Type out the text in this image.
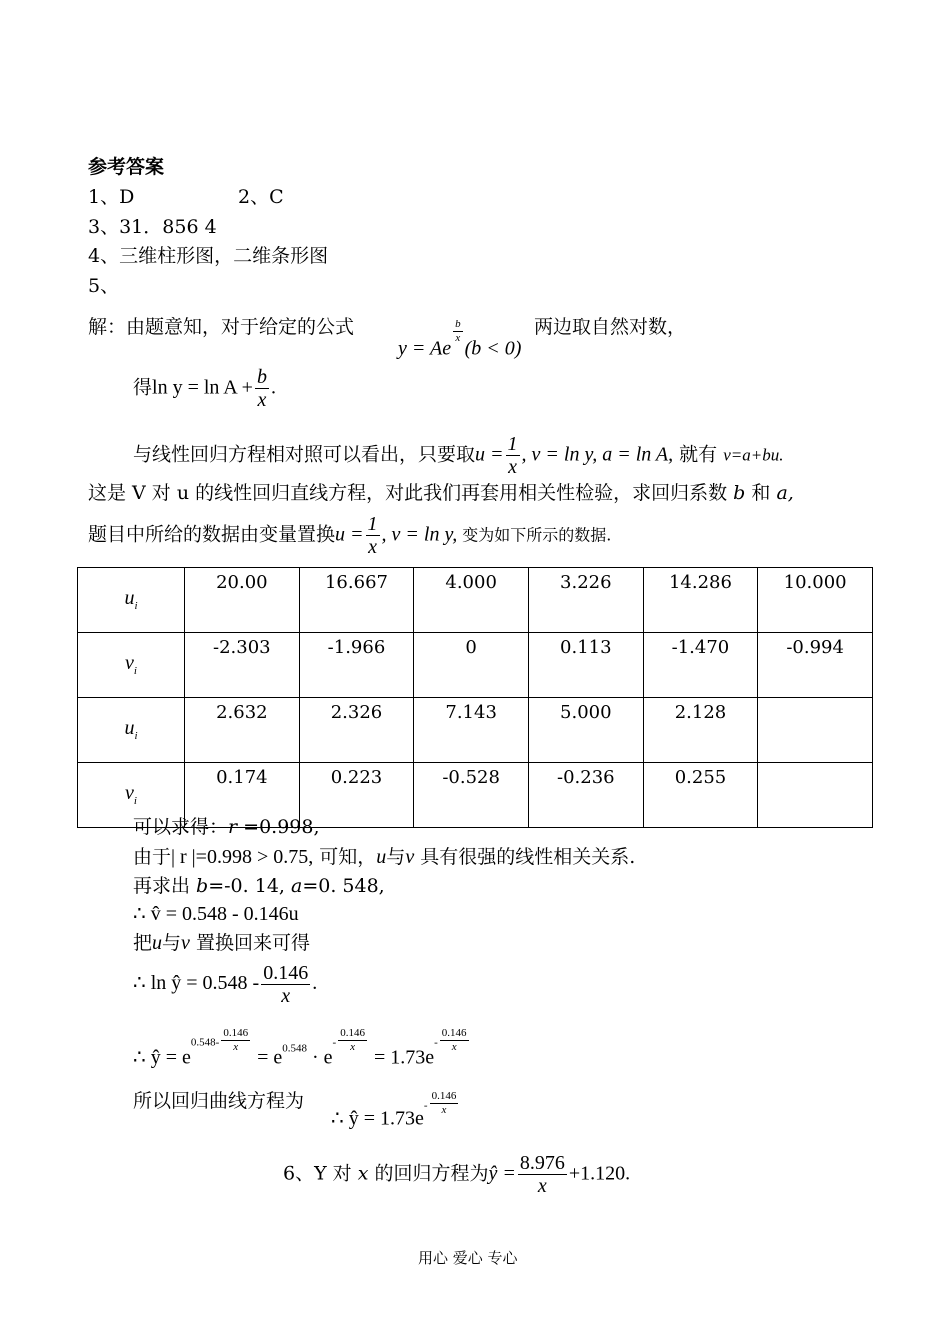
参考答案
1、D	2、C
3、31．856 4
4、三维柱形图，二维条形图
5、
解：由题意知，对于给定的公式
y = Ae
$\frac{b}{x}$
(b < 0)
两边取自然对数，
得$\ln y = \ln A + \frac{b}{x}$ .
与线性回归方程相对照可以看出，只要取$u = \frac{1}{x}$ , v = ln y, a = ln A, 就有 v=a+bu.
这是 V 对 u 的线性回归直线方程，对此我们再套用相关性检验，求回归系数 b 和 a,
题目中所给的数据由变量置换$u = \frac{1}{x}$ , v = ln y, 变为如下所示的数据.
$u_i$	20.00	16.667	4.000	3.226	14.286	10.000
$v_i$	-2.303	-1.966	0	0.113	-1.470	-0.994
$u_i$	2.632	2.326	7.143	5.000	2.128	
$v_i$	0.174	0.223	-0.528	-0.236	0.255	
可以求得：r =0.998,
由于| r |=0.998 > 0.75, 可知，u与v 具有很强的线性相关关系.
再求出 b=-0. 14, a=0. 548,
∴ v̂ = 0.548 - 0.146u
把u与v 置换回来可得
∴ ln ŷ = $0.548 - \frac{0.146}{x}$ .
∴ ŷ = $e0.548- \frac{0.146}{x}$
= $e^{0.548} \cdot e- \frac{0.146}{x}$
= $1.73e- \frac{0.146}{x}$
所以回归曲线方程为
∴ ŷ = $1.73e- \frac{0.146}{x}$
6、Y 对 x 的回归方程为ŷ = $\frac{8.976}{x} +1.120$.
用心 爱心 专心
